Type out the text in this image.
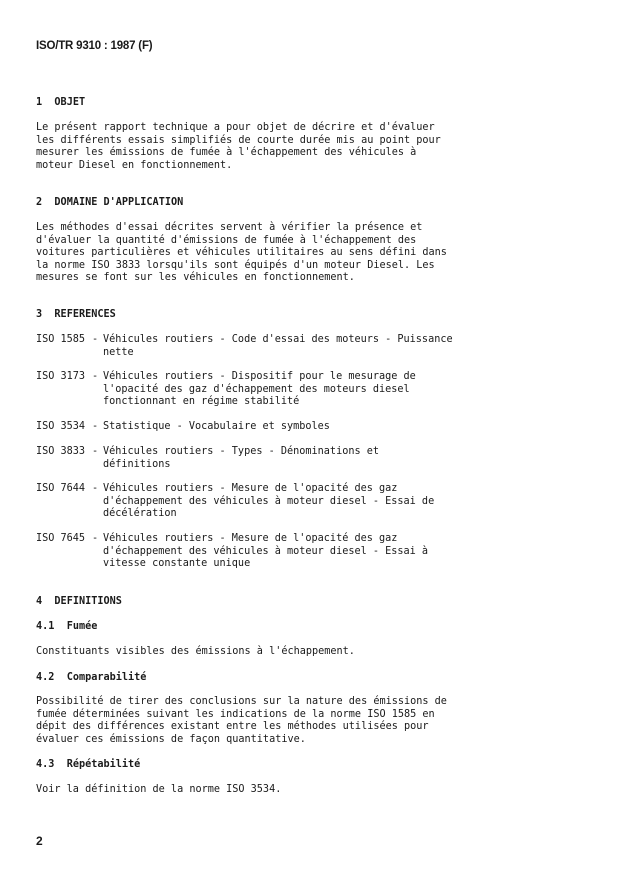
ISO/TR 9310 : 1987 (F)
1 OBJET
Le présent rapport technique a pour objet de décrire et d'évaluer
les différents essais simplifiés de courte durée mis au point pour
mesurer les émissions de fumée à l'échappement des véhicules à
moteur Diesel en fonctionnement.
2 DOMAINE D'APPLICATION
Les méthodes d'essai décrites servent à vérifier la présence et
d'évaluer la quantité d'émissions de fumée à l'échappement des
voitures particulières et véhicules utilitaires au sens défini dans
la norme ISO 3833 lorsqu'ils sont équipés d'un moteur Diesel. Les
mesures se font sur les véhicules en fonctionnement.
3 REFERENCES
ISO 1585 - Véhicules routiers - Code d'essai des moteurs - Puissance
nette
ISO 3173 - Véhicules routiers - Dispositif pour le mesurage de
l'opacité des gaz d'échappement des moteurs diesel
fonctionnant en régime stabilité
ISO 3534 - Statistique - Vocabulaire et symboles
ISO 3833 - Véhicules routiers - Types - Dénominations et
définitions
ISO 7644 - Véhicules routiers - Mesure de l'opacité des gaz
d'échappement des véhicules à moteur diesel - Essai de
décélération
ISO 7645 - Véhicules routiers - Mesure de l'opacité des gaz
d'échappement des véhicules à moteur diesel - Essai à
vitesse constante unique
4 DEFINITIONS
4.1 Fumée
Constituants visibles des émissions à l'échappement.
4.2 Comparabilité
Possibilité de tirer des conclusions sur la nature des émissions de
fumée déterminées suivant les indications de la norme ISO 1585 en
dépit des différences existant entre les méthodes utilisées pour
évaluer ces émissions de façon quantitative.
4.3 Répétabilité
Voir la définition de la norme ISO 3534.
2
